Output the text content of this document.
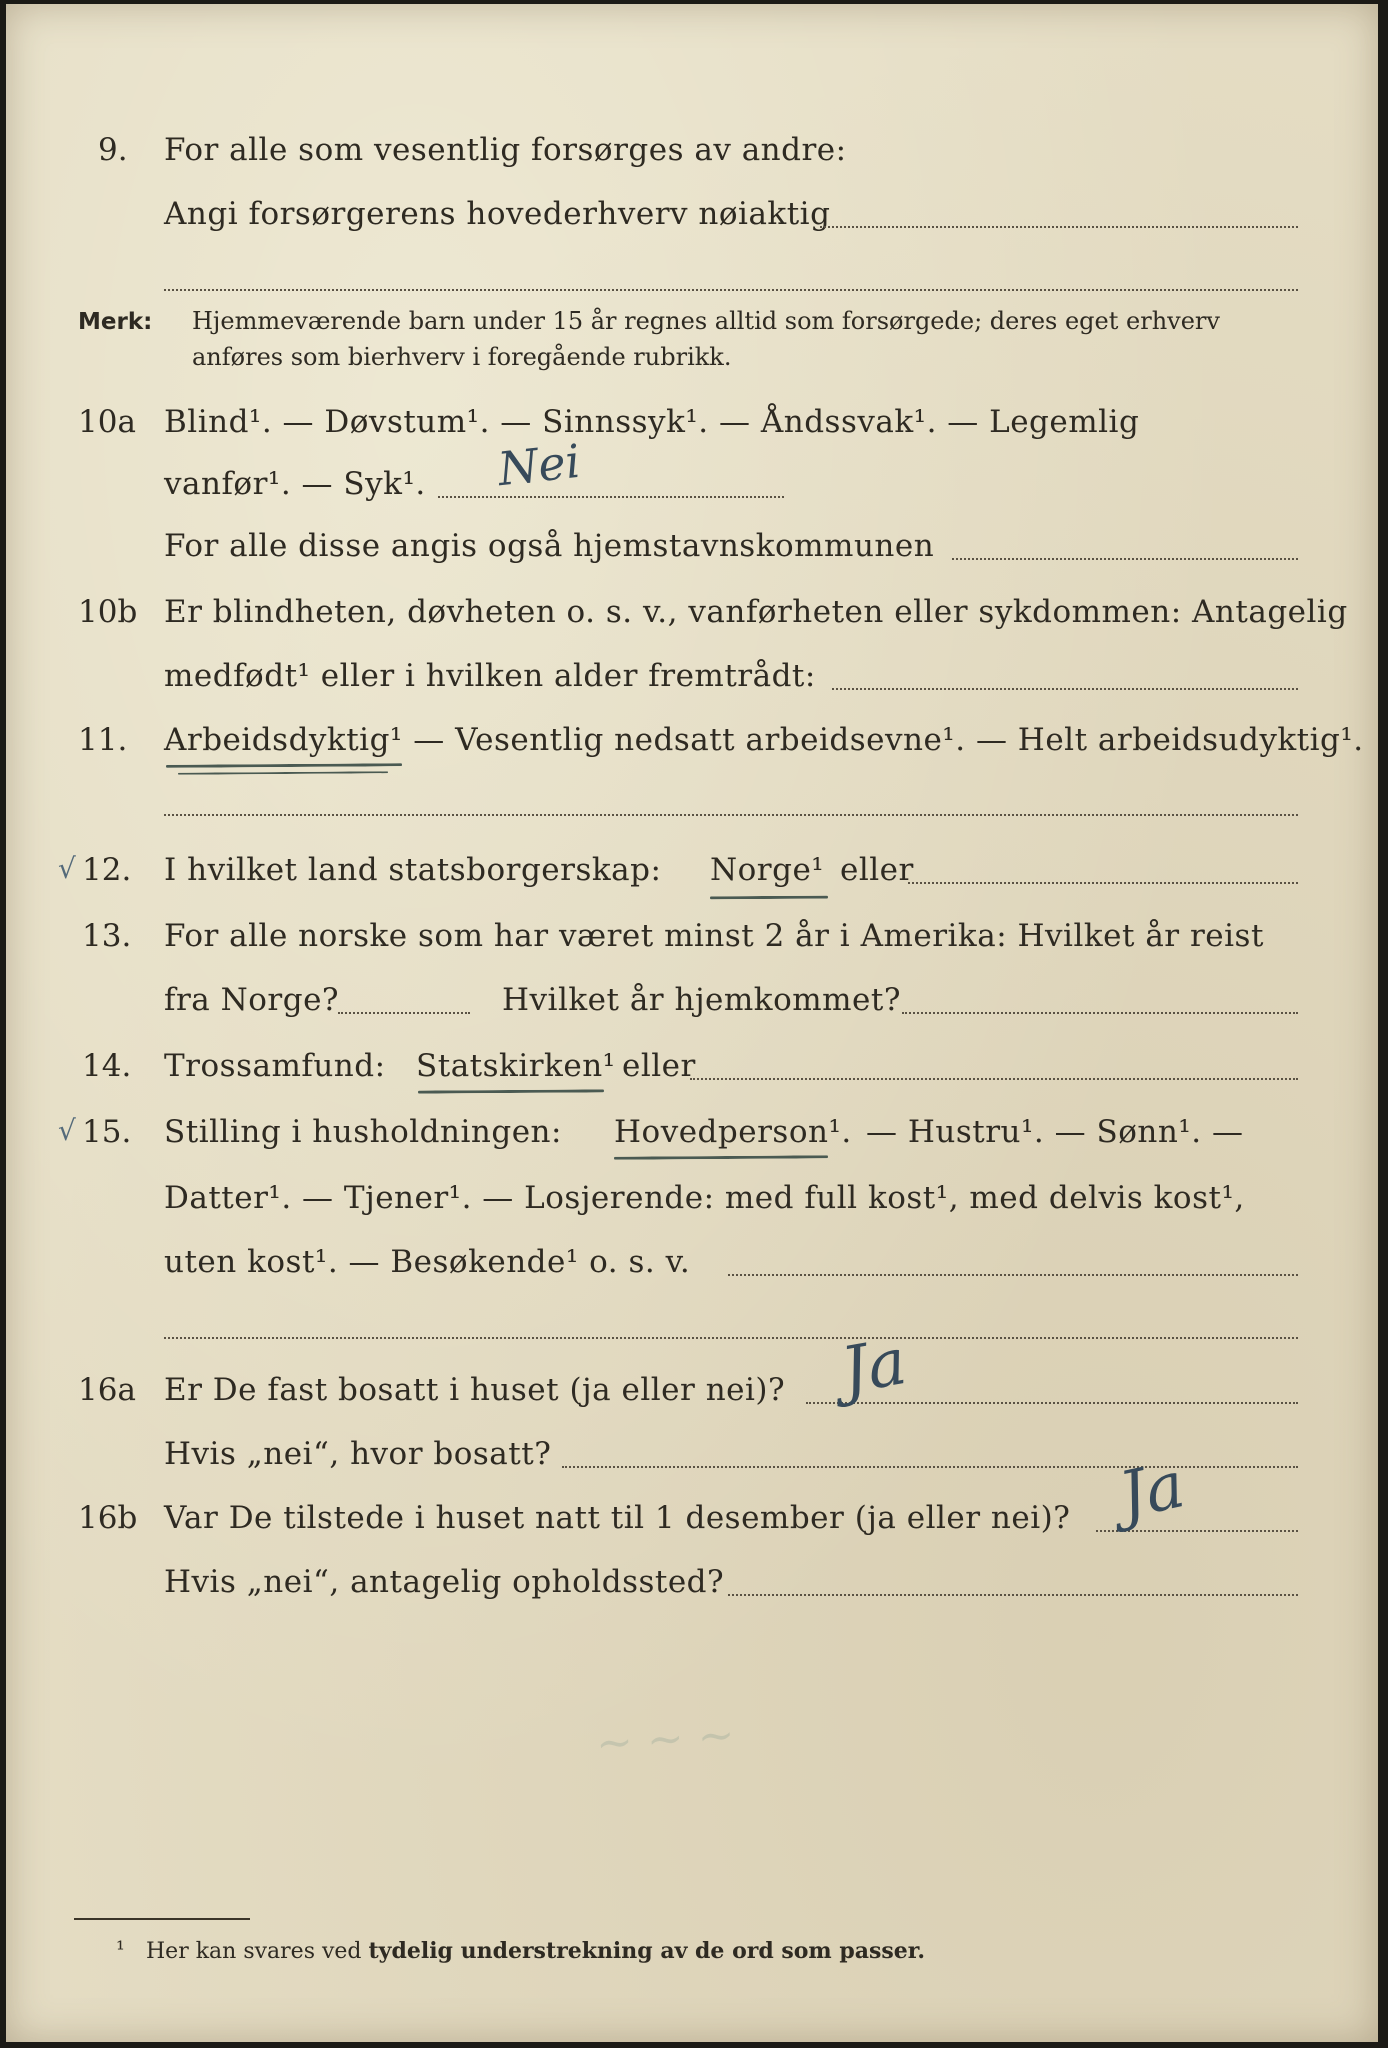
9. For alle som vesentlig forsørges av andre:
Angi forsørgerens hovederhverv nøiaktig
Merk: Hjemmeværende barn under 15 år regnes alltid som forsørgede; deres eget erhverv
anføres som bierhverv i foregående rubrikk.
10a Blind¹. — Døvstum¹. — Sinnssyk¹. — Åndssvak¹. — Legemlig
vanfør¹. — Syk¹. Nei
For alle disse angis også hjemstavnskommunen
10b Er blindheten, døvheten o. s. v., vanførheten eller sykdommen: Antagelig
medfødt¹ eller i hvilken alder fremtrådt:
11. Arbeidsdyktig¹ — Vesentlig nedsatt arbeidsevne¹. — Helt arbeidsudyktig¹.
√ 12. I hvilket land statsborgerskap: Norge¹ eller
13. For alle norske som har været minst 2 år i Amerika: Hvilket år reist
fra Norge?	Hvilket år hjemkommet?
14. Trossamfund: Statskirken¹ eller
√ 15. Stilling i husholdningen: Hovedperson¹. — Hustru¹. — Sønn¹. —
Datter¹. — Tjener¹. — Losjerende: med full kost¹, med delvis kost¹,
uten kost¹. — Besøkende¹ o. s. v.
16a Er De fast bosatt i huset (ja eller nei)? Ja
Hvis „nei“, hvor bosatt?
16b Var De tilstede i huset natt til 1 desember (ja eller nei)? Ja
Hvis „nei“, antagelig opholdssted?
~ ~ ~
¹ Her kan svares ved tydelig understrekning av de ord som passer.
